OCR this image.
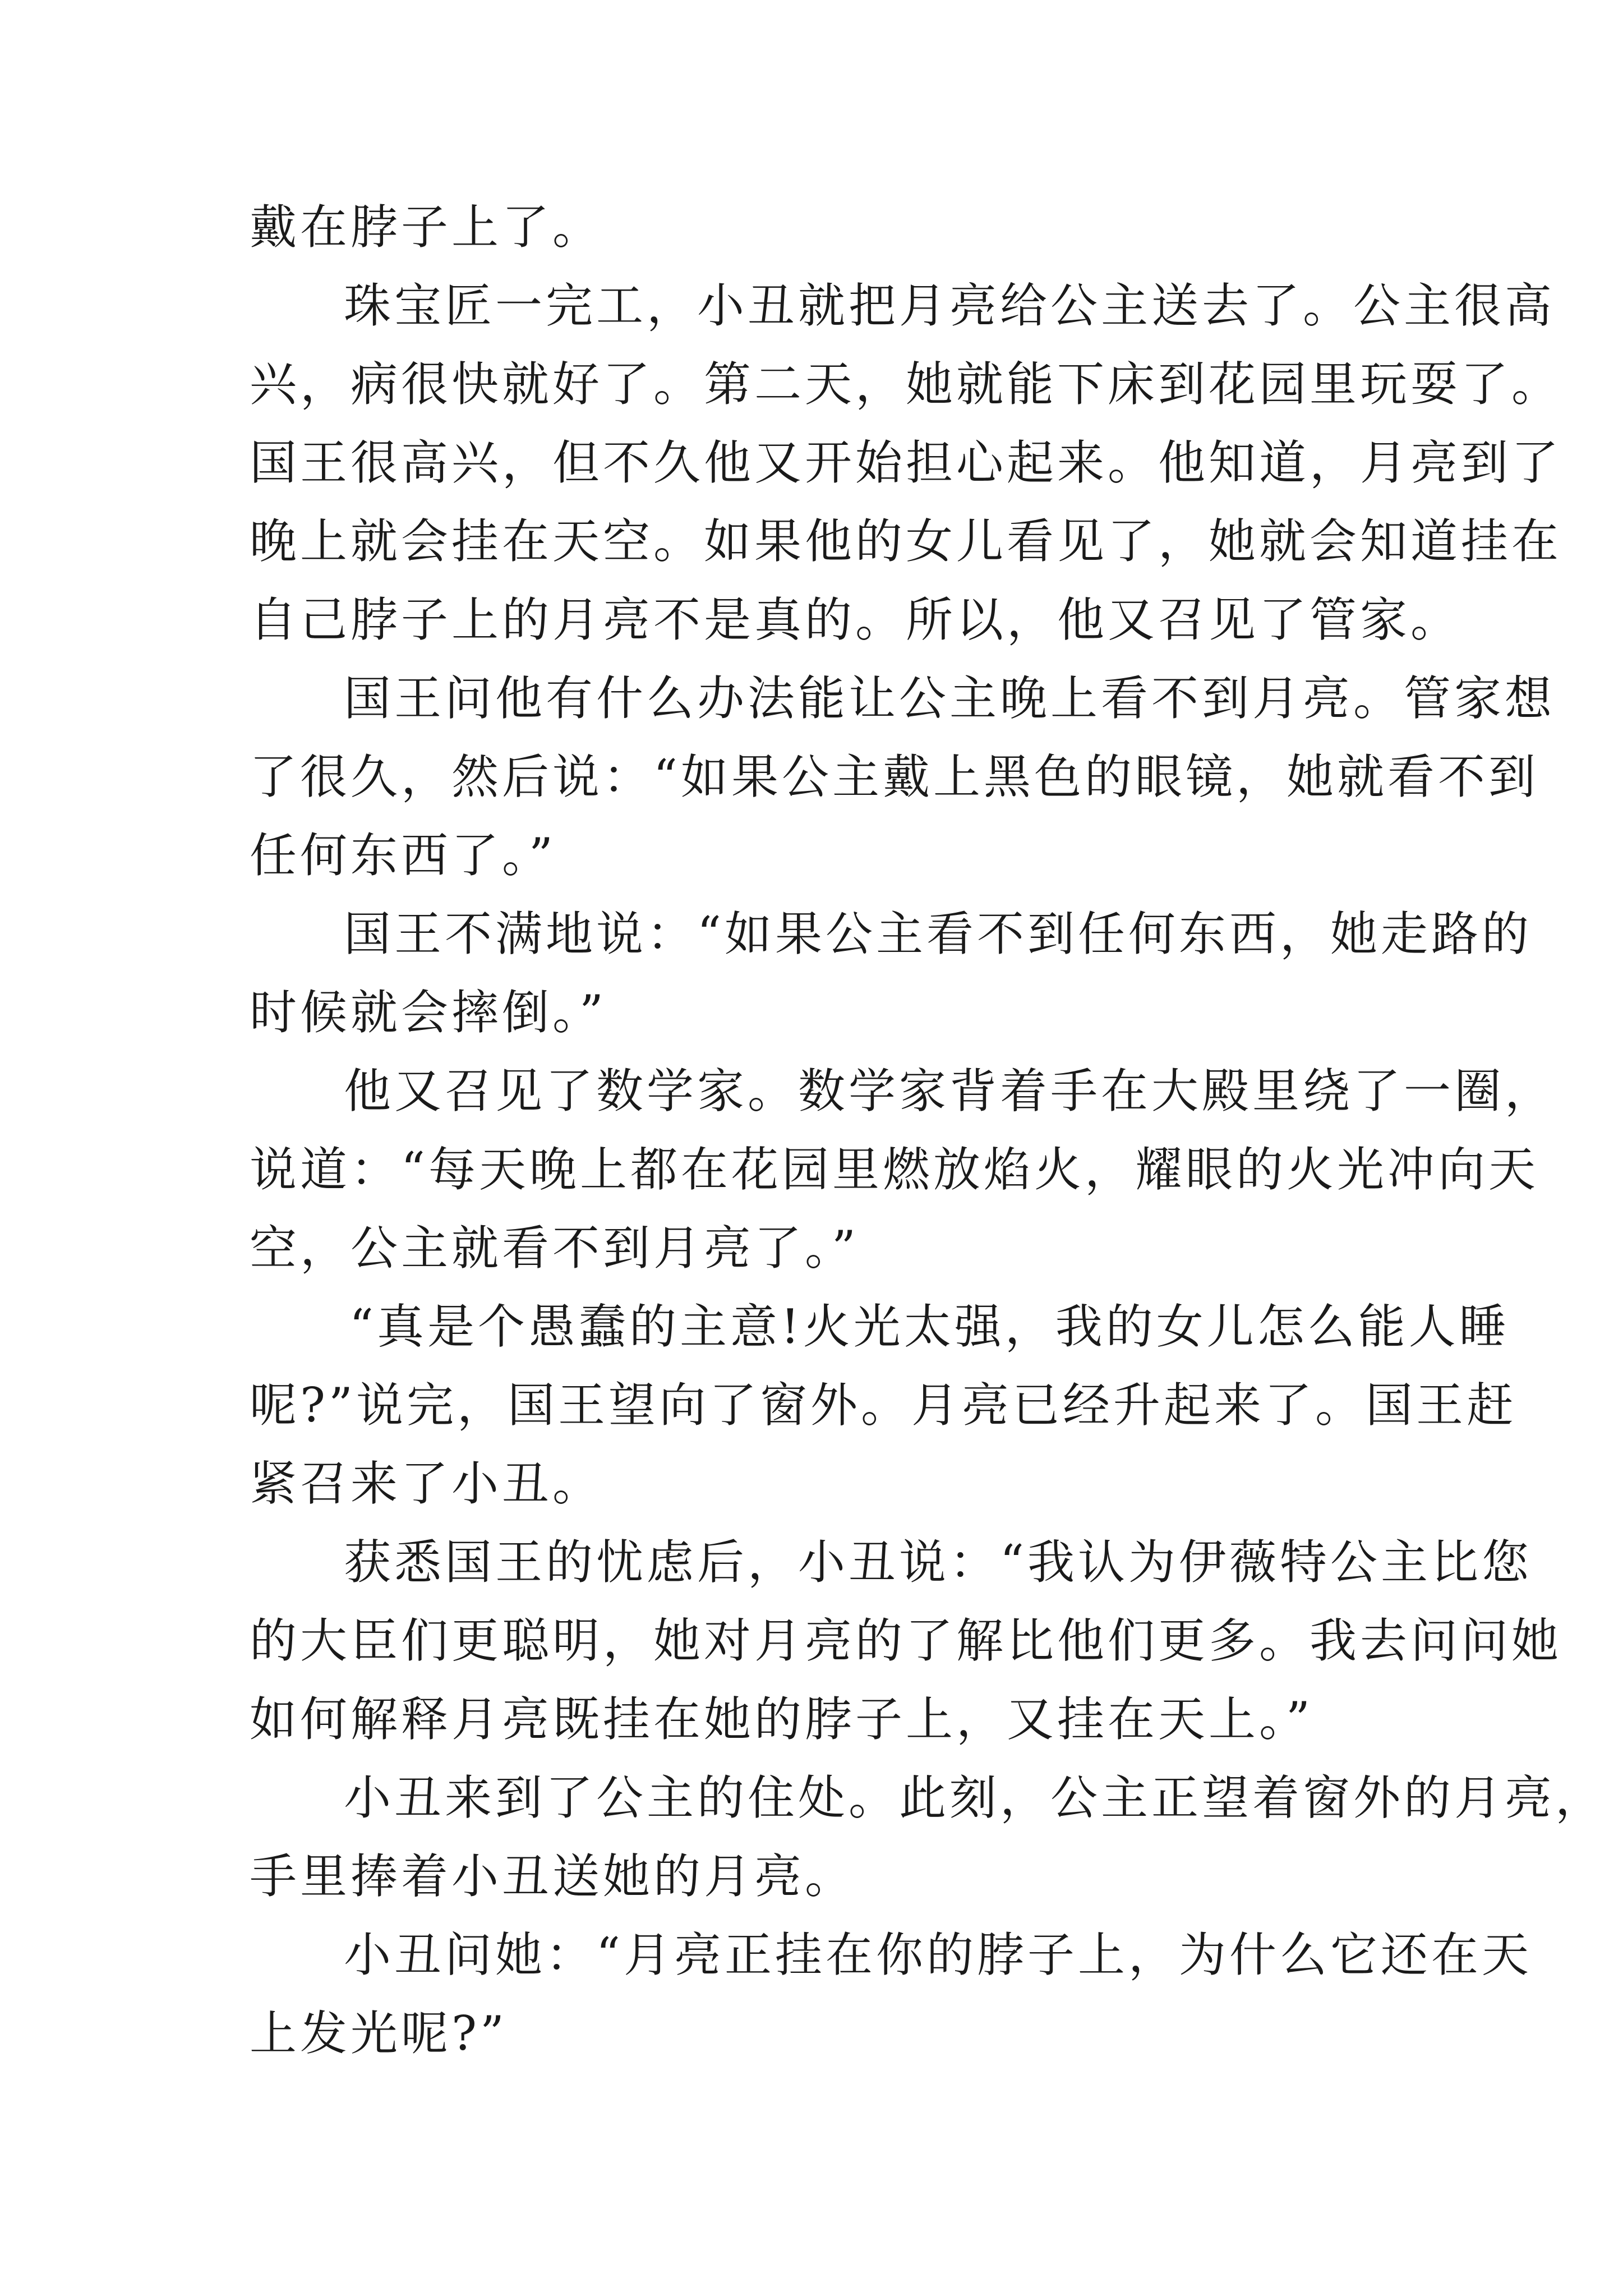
戴在脖子上了。
珠宝匠一完工，小丑就把月亮给公主送去了。公主很高
兴，病很快就好了。第二天，她就能下床到花园里玩耍了。
国王很高兴，但不久他又开始担心起来。他知道，月亮到了
晚上就会挂在天空。如果他的女儿看见了，她就会知道挂在
自己脖子上的月亮不是真的。所以，他又召见了管家。
国王问他有什么办法能让公主晚上看不到月亮。管家想
了很久，然后说：“如果公主戴上黑色的眼镜，她就看不到
任何东西了。”
国王不满地说：“如果公主看不到任何东西，她走路的
时候就会摔倒。”
他又召见了数学家。数学家背着手在大殿里绕了一圈，
说道：“每天晚上都在花园里燃放焰火，耀眼的火光冲向天
空，公主就看不到月亮了。”
“真是个愚蠢的主意!火光太强，我的女儿怎么能人睡
呢?”说完，国王望向了窗外。月亮已经升起来了。国王赶
紧召来了小丑。
获悉国王的忧虑后，小丑说：“我认为伊薇特公主比您
的大臣们更聪明，她对月亮的了解比他们更多。我去问问她
如何解释月亮既挂在她的脖子上，又挂在天上。”
小丑来到了公主的住处。此刻，公主正望着窗外的月亮，
手里捧着小丑送她的月亮。
小丑问她：“月亮正挂在你的脖子上，为什么它还在天
上发光呢?”
